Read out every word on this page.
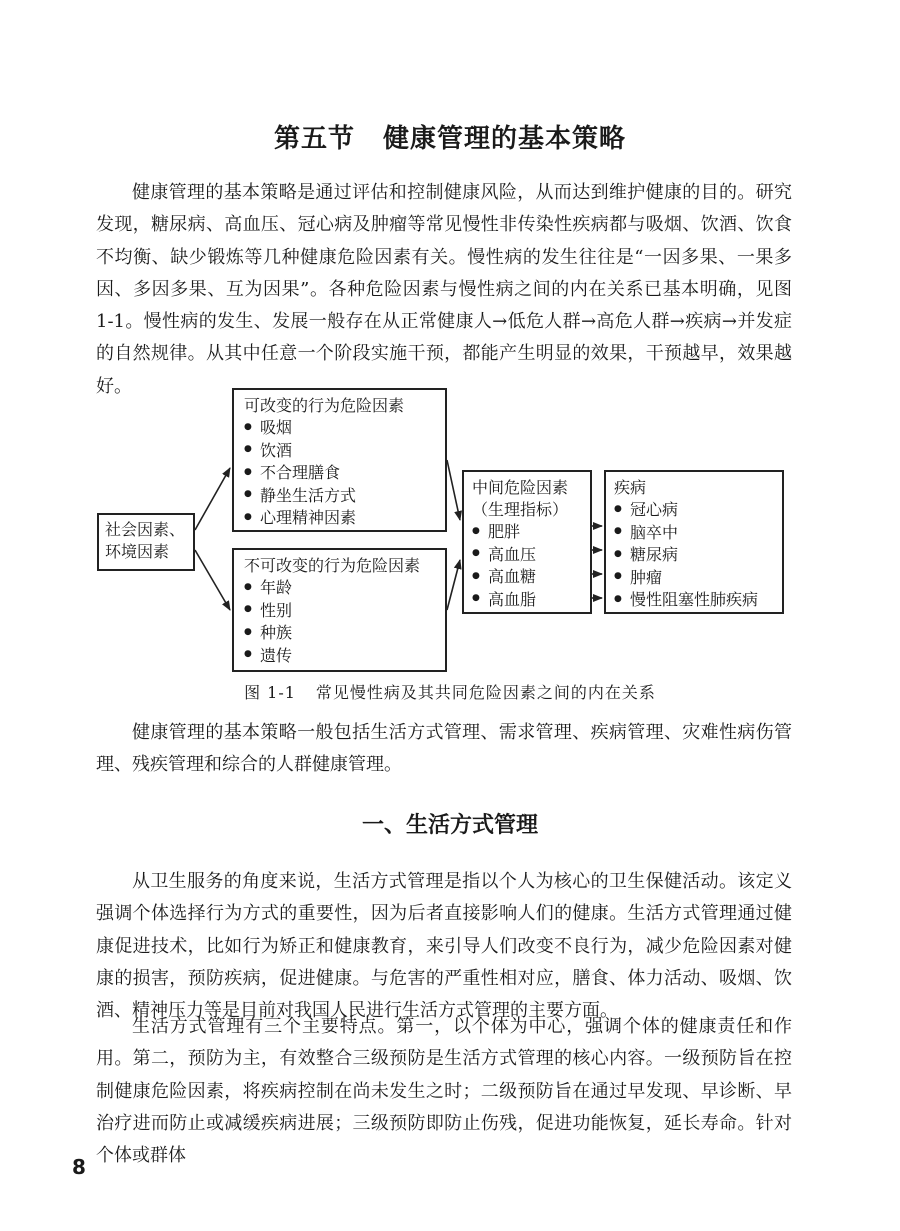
第五节 健康管理的基本策略

健康管理的基本策略是通过评估和控制健康风险，从而达到维护健康的目的。研究发现，糖尿病、高血压、冠心病及肿瘤等常见慢性非传染性疾病都与吸烟、饮酒、饮食不均衡、缺少锻炼等几种健康危险因素有关。慢性病的发生往往是“一因多果、一果多因、多因多果、互为因果”。各种危险因素与慢性病之间的内在关系已基本明确，见图 1-1。慢性病的发生、发展一般存在从正常健康人→低危人群→高危人群→疾病→并发症的自然规律。从其中任意一个阶段实施干预，都能产生明显的效果，干预越早，效果越好。

社会因素、
环境因素
可改变的行为危险因素
● 吸烟
● 饮酒
● 不合理膳食
● 静坐生活方式
● 心理精神因素
不可改变的行为危险因素
● 年龄
● 性别
● 种族
● 遗传
中间危险因素
（生理指标）
● 肥胖
● 高血压
● 高血糖
● 高血脂
疾病
● 冠心病
● 脑卒中
● 糖尿病
● 肿瘤
● 慢性阻塞性肺疾病

图 1-1 常见慢性病及其共同危险因素之间的内在关系

健康管理的基本策略一般包括生活方式管理、需求管理、疾病管理、灾难性病伤管理、残疾管理和综合的人群健康管理。

一、生活方式管理

从卫生服务的角度来说，生活方式管理是指以个人为核心的卫生保健活动。该定义强调个体选择行为方式的重要性，因为后者直接影响人们的健康。生活方式管理通过健康促进技术，比如行为矫正和健康教育，来引导人们改变不良行为，减少危险因素对健康的损害，预防疾病，促进健康。与危害的严重性相对应，膳食、体力活动、吸烟、饮酒、精神压力等是目前对我国人民进行生活方式管理的主要方面。

生活方式管理有三个主要特点。第一，以个体为中心，强调个体的健康责任和作用。第二，预防为主，有效整合三级预防是生活方式管理的核心内容。一级预防旨在控制健康危险因素，将疾病控制在尚未发生之时；二级预防旨在通过早发现、早诊断、早治疗进而防止或减缓疾病进展；三级预防即防止伤残，促进功能恢复，延长寿命。针对个体或群体

8
